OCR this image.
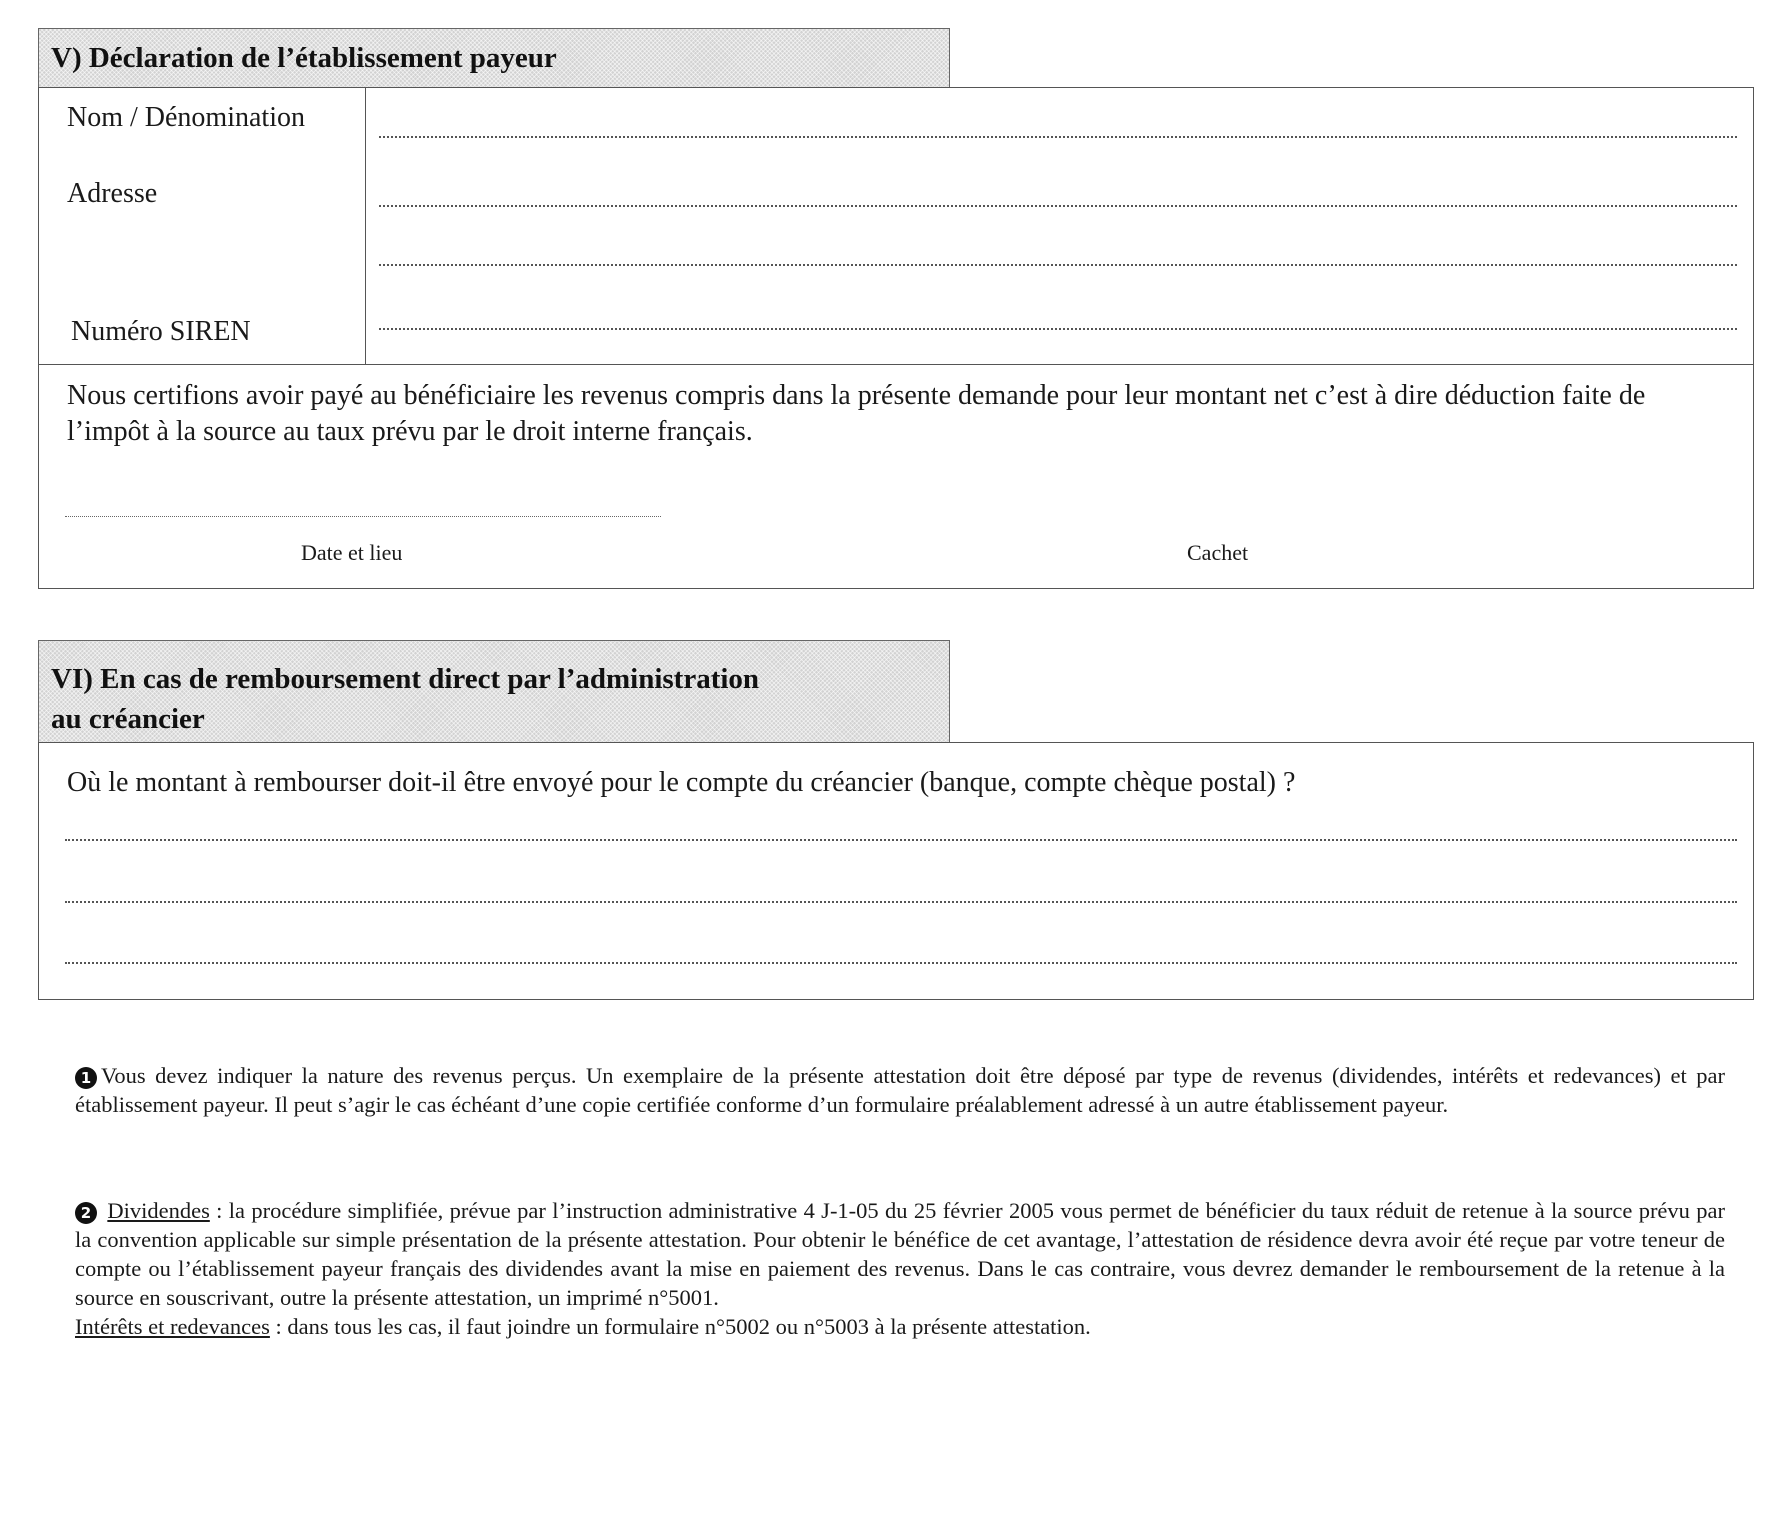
V) Déclaration de l’établissement payeur
Nom / Dénomination
Adresse
Numéro SIREN
Nous certifions avoir payé au bénéficiaire les revenus compris dans la présente demande pour leur montant net c’est à dire déduction faite de l’impôt à la source au taux prévu par le droit interne français.
Date et lieu	Cachet
VI) En cas de remboursement direct par l’administration
au créancier
Où le montant à rembourser doit-il être envoyé pour le compte du créancier (banque, compte chèque postal) ?
1 Vous devez indiquer la nature des revenus perçus. Un exemplaire de la présente attestation doit être déposé par type de revenus (dividendes, intérêts et redevances) et par établissement payeur. Il peut s’agir le cas échéant d’une copie certifiée conforme d’un formulaire préalablement adressé à un autre établissement payeur.
2 Dividendes : la procédure simplifiée, prévue par l’instruction administrative 4 J-1-05 du 25 février 2005 vous permet de bénéficier du taux réduit de retenue à la source prévu par la convention applicable sur simple présentation de la présente attestation. Pour obtenir le bénéfice de cet avantage, l’attestation de résidence devra avoir été reçue par votre teneur de compte ou l’établissement payeur français des dividendes avant la mise en paiement des revenus. Dans le cas contraire, vous devrez demander le remboursement de la retenue à la source en souscrivant, outre la présente attestation, un imprimé n°5001.
Intérêts et redevances : dans tous les cas, il faut joindre un formulaire n°5002 ou n°5003 à la présente attestation.
